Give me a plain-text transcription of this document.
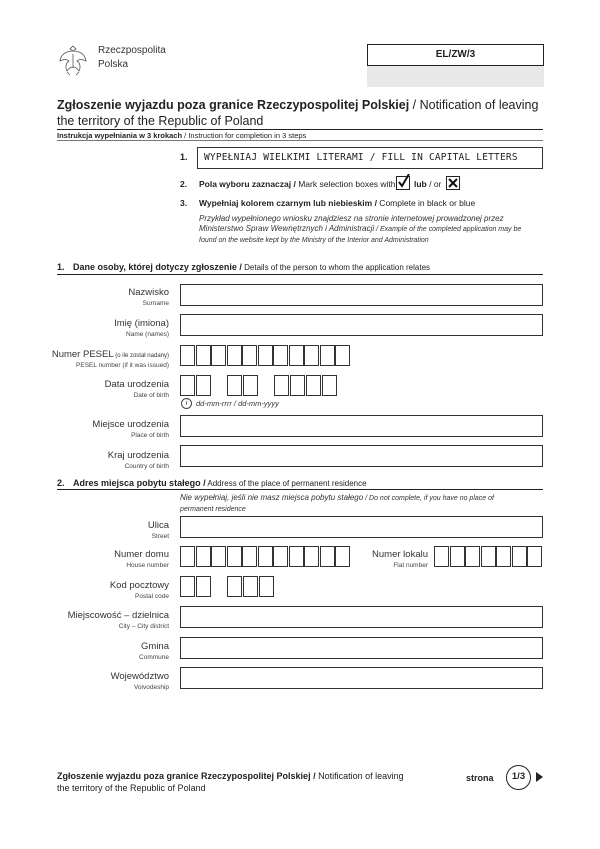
Rzeczpospolita
Polska
EL/ZW/3
Zgłoszenie wyjazdu poza granice Rzeczypospolitej Polskiej / Notification of leaving
the territory of the Republic of Poland
Instrukcja wypełniania w 3 krokach / Instruction for completion in 3 steps
1.	WYPEŁNIAJ WIELKIMI LITERAMI / FILL IN CAPITAL LETTERS
2. Pola wyboru zaznaczaj / Mark selection boxes with lub / or
3. Wypełniaj kolorem czarnym lub niebieskim / Complete in black or blue
Przykład wypełnionego wniosku znajdziesz na stronie internetowej prowadzonej przez Ministerstwo Spraw Wewnętrznych i Administracji / Example of the completed application may be found on the website kept by the Ministry of the Interior and Administration
1. Dane osoby, której dotyczy zgłoszenie / Details of the person to whom the application relates
Nazwisko
Surname
Imię (imiona)
Name (names)
Numer PESEL (o ile został nadany)
PESEL number (if it was issued)
Data urodzenia
Date of birth
i	dd-mm-rrrr / dd-mm-yyyy
Miejsce urodzenia
Place of birth
Kraj urodzenia
Country of birth
2. Adres miejsca pobytu stałego / Address of the place of permanent residence
Nie wypełniaj, jeśli nie masz miejsca pobytu stałego / Do not complete, if you have no place of permanent residence
Ulica
Street
Numer domu
House number
Numer lokalu
Flat number
Kod pocztowy
Postal code
Miejscowość – dzielnica
City – City district
Gmina
Commune
Województwo
Voivodeship
Zgłoszenie wyjazdu poza granice Rzeczypospolitej Polskiej / Notification of leaving
the territory of the Republic of Poland
strona	1/3
